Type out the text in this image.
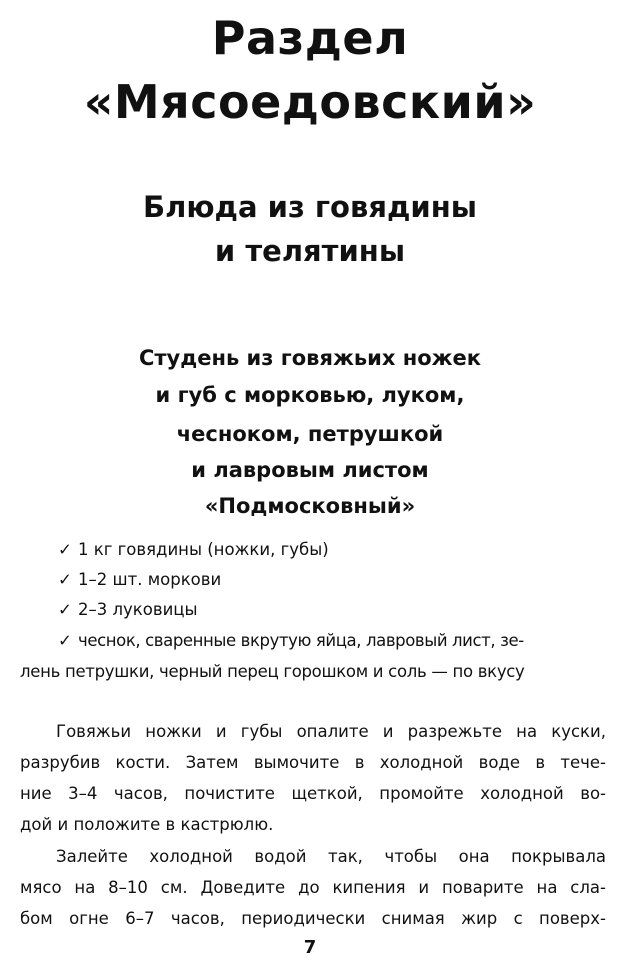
Раздел
«Мясоедовский»
Блюда из говядины
и телятины
Студень из говяжьих ножек
и губ с морковью, луком,
чесноком, петрушкой
и лавровым листом
«Подмосковный»
✓ 1 кг говядины (ножки, губы)
✓ 1–2 шт. моркови
✓ 2–3 луковицы
✓ чеснок, сваренные вкрутую яйца, лавровый лист, зе-
лень петрушки, черный перец горошком и соль — по вкусу
Говяжьи ножки и губы опалите и разрежьте на куски,
разрубив кости. Затем вымочите в холодной воде в тече-
ние 3–4 часов, почистите щеткой, промойте холодной во-
дой и положите в кастрюлю.
Залейте холодной водой так, чтобы она покрывала
мясо на 8–10 см. Доведите до кипения и поварите на сла-
бом огне 6–7 часов, периодически снимая жир с поверх-
7
